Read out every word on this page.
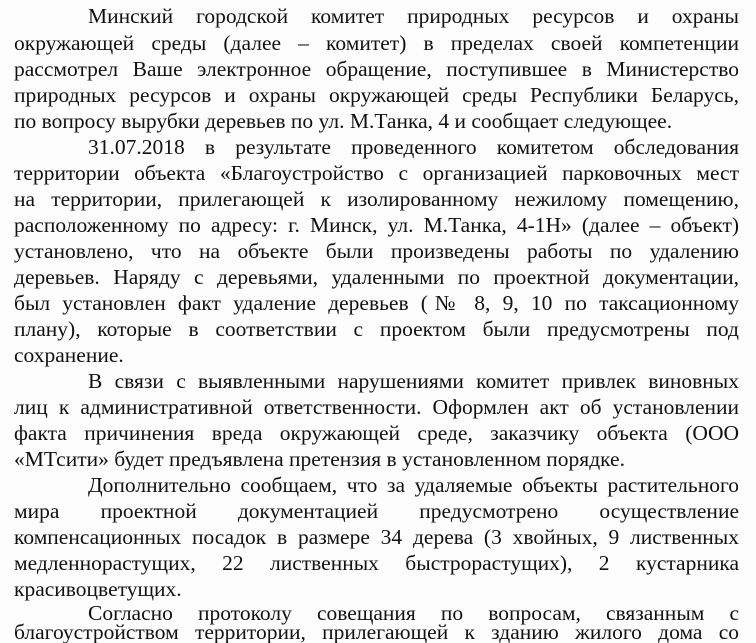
Минский городской комитет природных ресурсов и охраны
окружающей среды (далее – комитет) в пределах своей компетенции
рассмотрел Ваше электронное обращение, поступившее в Министерство
природных ресурсов и охраны окружающей среды Республики Беларусь,
по вопросу вырубки деревьев по ул. М.Танка, 4 и сообщает следующее.
31.07.2018 в результате проведенного комитетом обследования
территории объекта «Благоустройство с организацией парковочных мест
на территории, прилегающей к изолированному нежилому помещению,
расположенному по адресу: г. Минск, ул. М.Танка, 4-1Н» (далее – объект)
установлено, что на объекте были произведены работы по удалению
деревьев. Наряду с деревьями, удаленными по проектной документации,
был установлен факт удаление деревьев (№ 8, 9, 10 по таксационному
плану), которые в соответствии с проектом были предусмотрены под
сохранение.
В связи с выявленными нарушениями комитет привлек виновных
лиц к административной ответственности. Оформлен акт об установлении
факта причинения вреда окружающей среде, заказчику объекта (ООО
«МТсити» будет предъявлена претензия в установленном порядке.
Дополнительно сообщаем, что за удаляемые объекты растительного
мира проектной документацией предусмотрено осуществление
компенсационных посадок в размере 34 дерева (3 хвойных, 9 лиственных
медленнорастущих, 22 лиственных быстрорастущих), 2 кустарника
красивоцветущих.
Согласно протоколу совещания по вопросам, связанным с
благоустройством территории, прилегающей к зданию жилого дома со
